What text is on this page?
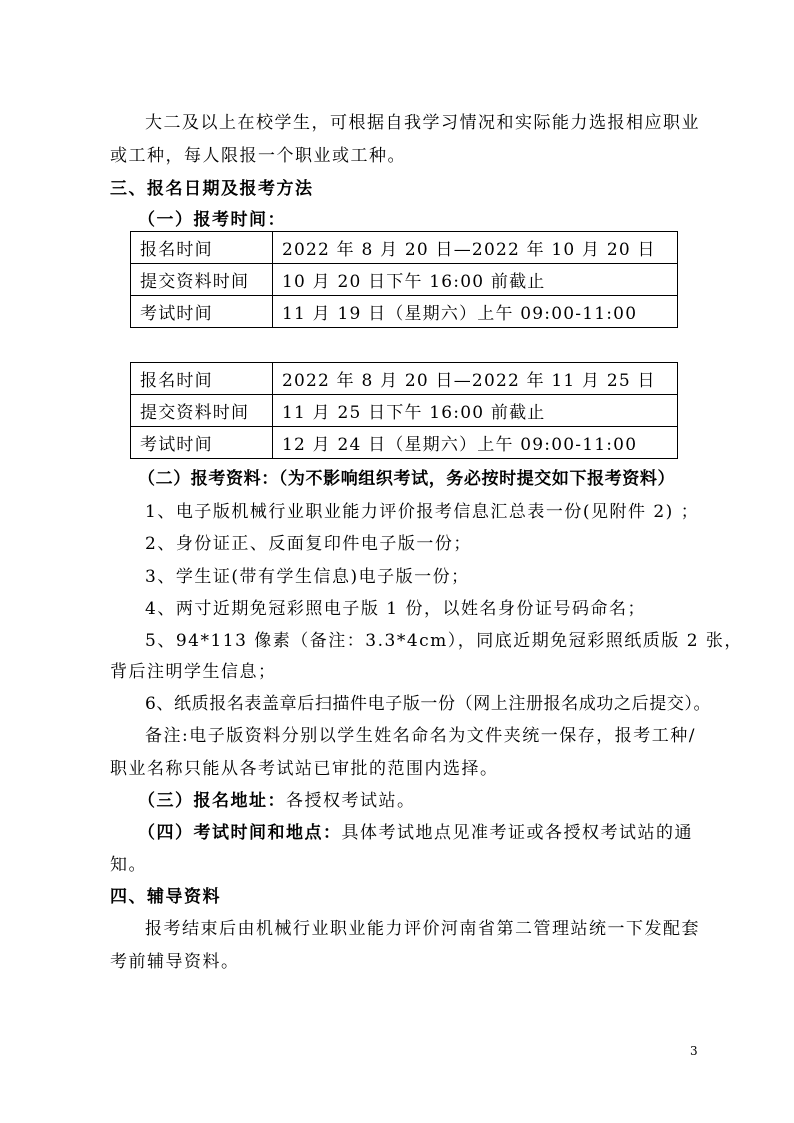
大二及以上在校学生，可根据自我学习情况和实际能力选报相应职业
或工种，每人限报一个职业或工种。
三、报名日期及报考方法
（一）报考时间：
报名时间	2022 年 8 月 20 日—2022 年 10 月 20 日
提交资料时间	10 月 20 日下午 16:00 前截止
考试时间	11 月 19 日（星期六）上午 09:00-11:00
报名时间	2022 年 8 月 20 日—2022 年 11 月 25 日
提交资料时间	11 月 25 日下午 16:00 前截止
考试时间	12 月 24 日（星期六）上午 09:00-11:00
（二）报考资料：（为不影响组织考试，务必按时提交如下报考资料）
1、电子版机械行业职业能力评价报考信息汇总表一份(见附件 2) ；
2、身份证正、反面复印件电子版一份；
3、学生证(带有学生信息)电子版一份；
4、两寸近期免冠彩照电子版 1 份，以姓名身份证号码命名；
5、94*113 像素（备注：3.3*4cm），同底近期免冠彩照纸质版 2 张，
背后注明学生信息；
6、纸质报名表盖章后扫描件电子版一份（网上注册报名成功之后提交）。
备注:电子版资料分别以学生姓名命名为文件夹统一保存，报考工种/
职业名称只能从各考试站已审批的范围内选择。
（三）报名地址：各授权考试站。
（四）考试时间和地点：具体考试地点见准考证或各授权考试站的通
知。
四、辅导资料
报考结束后由机械行业职业能力评价河南省第二管理站统一下发配套
考前辅导资料。
3
